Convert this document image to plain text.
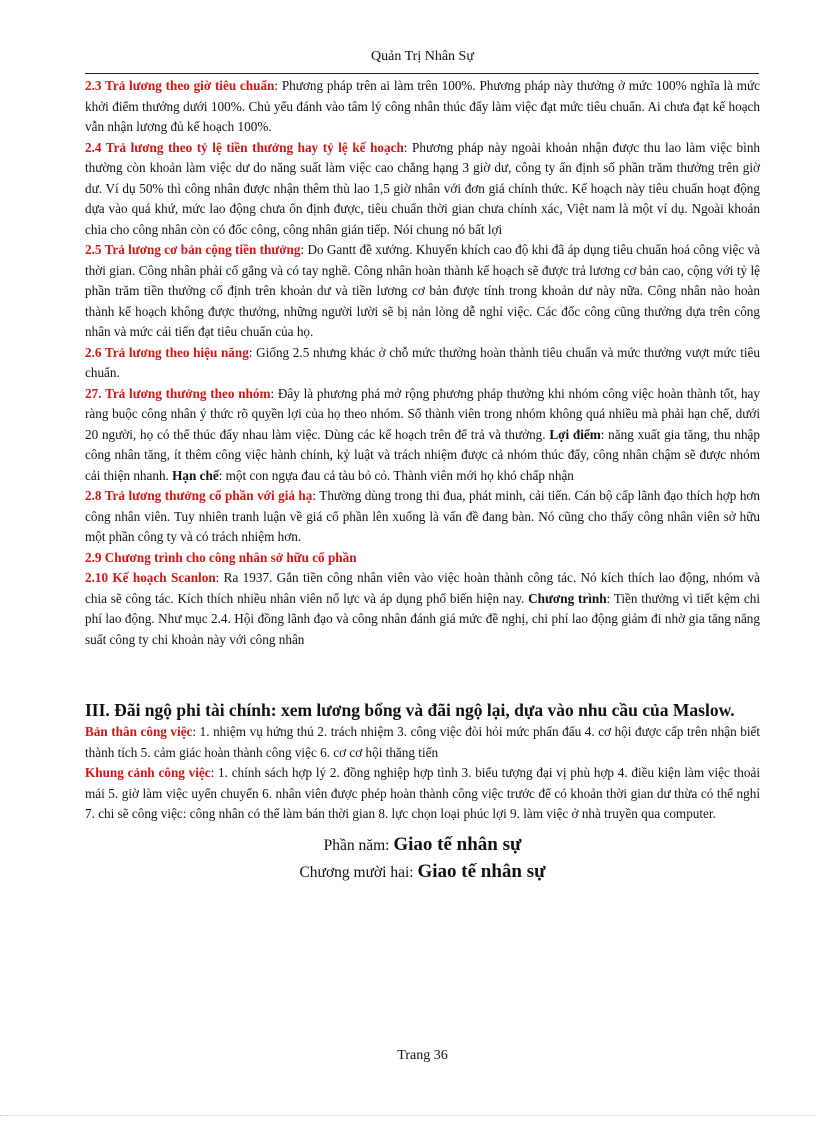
Quản Trị Nhân Sự

2.3 Trả lương theo giờ tiêu chuẩn: Phương pháp trên ai làm trên 100%. Phương pháp này thưởng ở mức 100% nghĩa là mức khởi điểm thưởng dưới 100%. Chủ yếu đánh vào tâm lý công nhân thúc đẩy làm việc đạt mức tiêu chuẩn. Ai chưa đạt kế hoạch vẫn nhận lương đủ kế hoạch 100%.

2.4 Trả lương theo tỷ lệ tiền thưởng hay tỷ lệ kế hoạch: Phương pháp này ngoài khoản nhận được thu lao làm việc bình thường còn khoản làm việc dư do năng suất làm việc cao chẳng hạng 3 giờ dư, công ty ấn định số phần trăm thưởng trên giờ dư. Ví dụ 50% thì công nhân được nhận thêm thù lao 1,5 giờ nhân với đơn giá chính thức. Kế hoạch này tiêu chuẩn hoạt động dựa vào quá khứ, mức lao động chưa ổn định được, tiêu chuẩn thời gian chưa chính xác, Việt nam là một ví dụ. Ngoài khoản chia cho công nhân còn có đốc công, công nhân gián tiếp. Nói chung nó bất lợi

2.5 Trả lương cơ bản cộng tiền thưởng: Do Gantt đề xướng. Khuyến khích cao độ khi đã áp dụng tiêu chuẩn hoá công việc và thời gian. Công nhân phải cố gắng và có tay nghề. Công nhân hoàn thành kế hoạch sẽ được trả lương cơ bản cao, cộng với tỷ lệ phần trăm tiền thưởng cố định trên khoản dư và tiền lương cơ bản được tính trong khoản dư này nữa. Công nhân nào hoàn thành kế hoạch không được thưởng, những người lười sẽ bị nản lòng dễ nghỉ việc. Các đốc công cũng thưởng dựa trên công nhân và mức cải tiến đạt tiêu chuẩn của họ.

2.6 Trả lương theo hiệu năng: Giống 2.5 nhưng khác ở chỗ mức thưởng hoàn thành tiêu chuẩn và mức thưởng vượt mức tiêu chuẩn.

27. Trả lương thưởng theo nhóm: Đây là phương phá mở rộng phương pháp thưởng khi nhóm công việc hoàn thành tốt, hay ràng buộc công nhân ý thức rõ quyền lợi của họ theo nhóm. Số thành viên trong nhóm không quá nhiều mà phải hạn chế, dưới 20 người, họ có thể thúc đẩy nhau làm việc. Dùng các kế hoạch trên để trả và thưởng. Lợi điểm: năng xuất gia tăng, thu nhập công nhân tăng, ít thêm công việc hành chính, kỷ luật và trách nhiệm được cả nhóm thúc đẩy, công nhân chậm sẽ được nhóm cải thiện nhanh. Hạn chế: một con ngựa đau cả tàu bỏ cỏ. Thành viên mới họ khó chấp nhận

2.8 Trả lương thưởng cổ phần với giá hạ: Thường dùng trong thi đua, phát minh, cải tiến. Cán bộ cấp lãnh đạo thích hợp hơn công nhân viên. Tuy nhiên tranh luận về giá cổ phần lên xuống là vấn đề đang bàn. Nó cũng cho thấy công nhân viên sở hữu một phần công ty và có trách nhiệm hơn.

2.9 Chương trình cho công nhân sở hữu cổ phần

2.10 Kế hoạch Scanlon: Ra 1937. Gắn tiền công nhân viên vào việc hoàn thành công tác. Nó kích thích lao động, nhóm và chia sẽ công tác. Kích thích nhiều nhân viên nổ lực và áp dụng phổ biến hiện nay. Chương trình: Tiền thưởng vì tiết kệm chi phí lao động. Như mục 2.4. Hội đồng lãnh đạo và công nhân đánh giá mức đề nghị, chi phí lao động giảm đi nhờ gia tăng năng suất công ty chi khoản này với công nhân

III. Đãi ngộ phi tài chính: xem lương bổng và đãi ngộ lại, dựa vào nhu cầu của Maslow.

Bản thân công việc: 1. nhiệm vụ hứng thú 2. trách nhiệm 3. công việc đòi hỏi mức phấn đấu 4. cơ hội được cấp trên nhận biết thành tích 5. cảm giác hoàn thành công việc 6. cơ cơ hội thăng tiến

Khung cảnh công việc: 1. chính sách hợp lý 2. đồng nghiệp hợp tình 3. biểu tượng đại vị phù hợp 4. điều kiện làm việc thoải mái 5. giờ làm việc uyển chuyển 6. nhân viên được phép hoàn thành công việc trước để có khoản thời gian dư thừa có thể nghỉ 7. chi sẽ công việc: công nhân có thể làm bán thời gian 8. lực chọn loại phúc lợi 9. làm việc ở nhà truyền qua computer.

Phần năm: Giao tế nhân sự

Chương mười hai: Giao tế nhân sự

Trang 36
